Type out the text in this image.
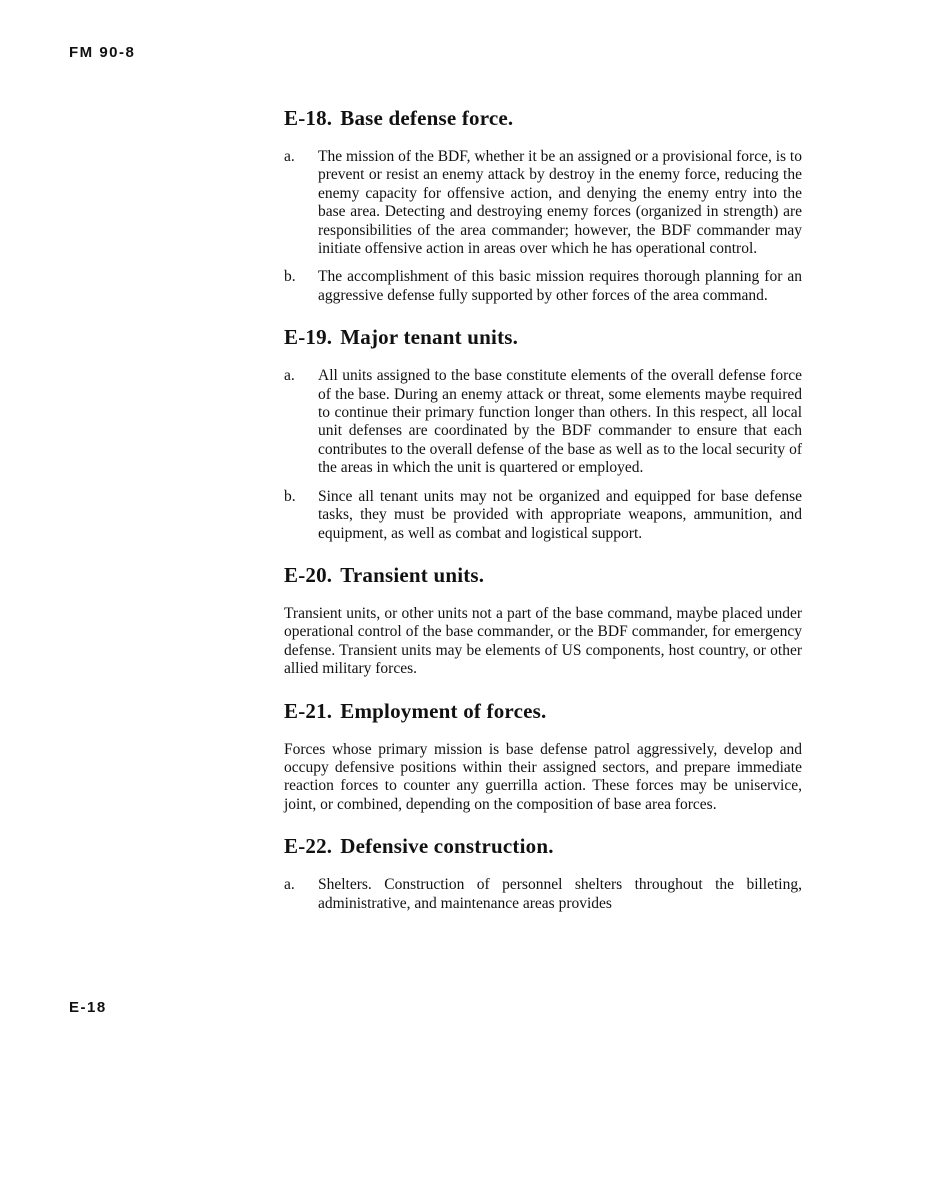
FM 90-8
E-18. Base defense force.
a.	The mission of the BDF, whether it be an assigned or a provisional force, is to prevent or resist an enemy attack by destroy in the enemy force, reducing the enemy capacity for offensive action, and denying the enemy entry into the base area. Detecting and destroying enemy forces (organized in strength) are responsibilities of the area commander; however, the BDF commander may initiate offensive action in areas over which he has operational control.

b.	The accomplishment of this basic mission requires thorough planning for an aggressive defense fully supported by other forces of the area command.

E-19. Major tenant units.
a.	All units assigned to the base constitute elements of the overall defense force of the base. During an enemy attack or threat, some elements maybe required to continue their primary function longer than others. In this respect, all local unit defenses are coordinated by the BDF commander to ensure that each contributes to the overall defense of the base as well as to the local security of the areas in which the unit is quartered or employed.

b.	Since all tenant units may not be organized and equipped for base defense tasks, they must be provided with appropriate weapons, ammunition, and equipment, as well as combat and logistical support.

E-20. Transient units.

Transient units, or other units not a part of the base command, maybe placed under operational control of the base commander, or the BDF commander, for emergency defense. Transient units may be elements of US components, host country, or other allied military forces.

E-21. Employment of forces.

Forces whose primary mission is base defense patrol aggressively, develop and occupy defensive positions within their assigned sectors, and prepare immediate reaction forces to counter any guerrilla action. These forces may be uniservice, joint, or combined, depending on the composition of base area forces.

E-22. Defensive construction.
a.	Shelters. Construction of personnel shelters throughout the billeting, administrative, and maintenance areas provides

E-18
